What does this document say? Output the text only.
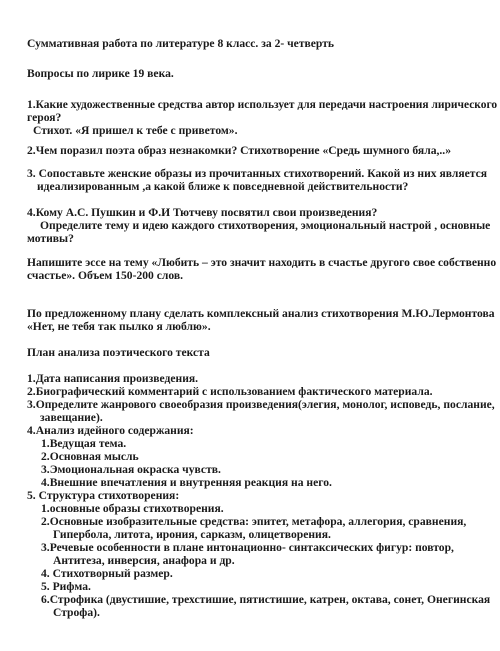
Суммативная работа по литературе 8 класс. за 2- четверть
Вопросы по лирике 19 века.
1.Какие художественные средства автор использует для передачи настроения лирического
героя?
Стихот. «Я пришел к тебе с приветом».
2.Чем поразил поэта образ незнакомки? Стихотворение «Средь шумного бяла,..»
3. Сопоставьте женские образы из прочитанных стихотворений. Какой из них является
идеализированным ,а какой ближе к повседневной действительности?
4.Кому А.С. Пушкин и Ф.И Тютчеву посвятил свои произведения?
Определите тему и идею каждого стихотворения, эмоциональный настрой , основные
мотивы?
Напишите эссе на тему «Любить – это значит находить в счастье другого свое собственно
счастье». Объем 150-200 слов.
По предложенному плану сделать комплексный анализ стихотворения М.Ю.Лермонтова
«Нет, не тебя так пылко я люблю».
План анализа поэтического текста
1.Дата написания произведения.
2.Биографический комментарий с использованием фактического материала.
3.Определите жанрового своеобразия произведения(элегия, монолог, исповедь, послание,
завещание).
4.Анализ идейного содержания:
1.Ведущая тема.
2.Основная мысль
3.Эмоциональная окраска чувств.
4.Внешние впечатления и внутренняя реакция на него.
5. Структура стихотворения:
1.основные образы стихотворения.
2.Основные изобразительные средства: эпитет, метафора, аллегория, сравнения,
Гипербола, литота, ирония, сарказм, олицетворения.
3.Речевые особенности в плане интонационно- синтаксических фигур: повтор,
Антитеза, инверсия, анафора и др.
4. Стихотворный размер.
5. Рифма.
6.Строфика (двустишие, трехстишие, пятистишие, катрен, октава, сонет, Онегинская
Строфа).
